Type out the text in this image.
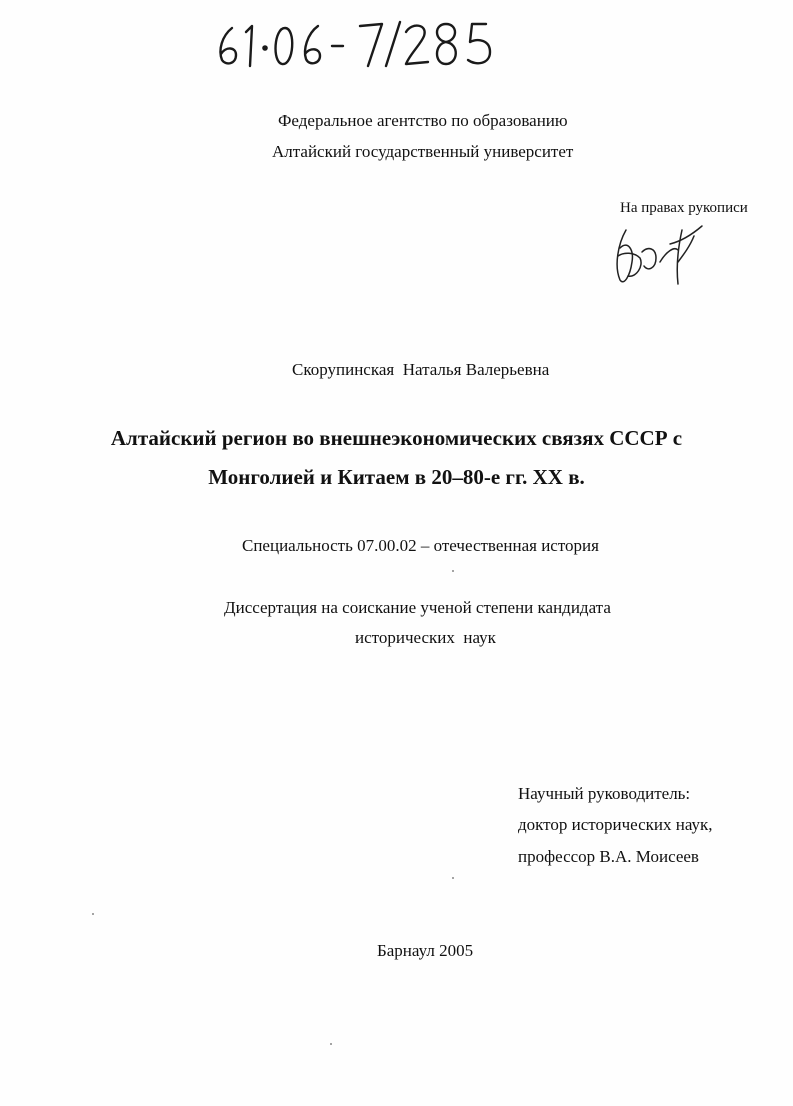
Федеральное агентство по образованию
Алтайский государственный университет
На правах рукописи
Скорупинская  Наталья Валерьевна
Алтайский регион во внешнеэкономических связях СССР с
Монголией и Китаем в 20–80-е гг. XX в.
Специальность 07.00.02 – отечественная история
Диссертация на соискание ученой степени кандидата
исторических  наук
Научный руководитель:
доктор исторических наук,
профессор В.А. Моисеев
Барнаул 2005
